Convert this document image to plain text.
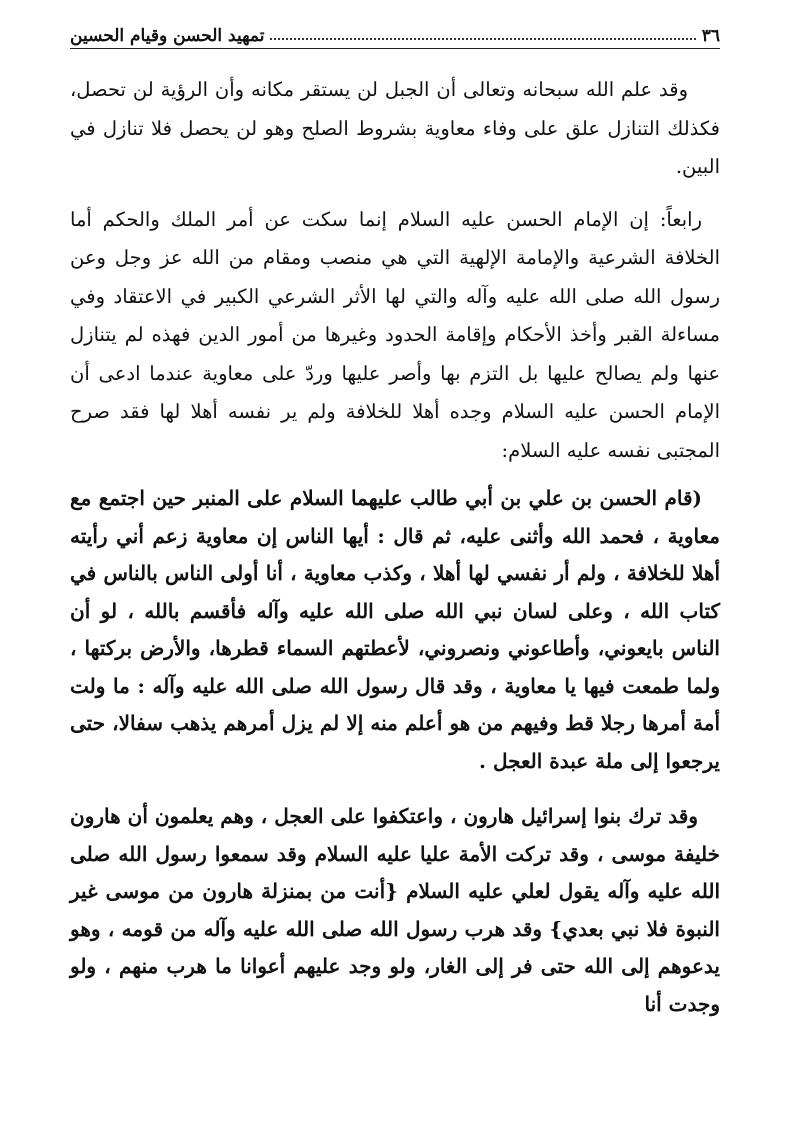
٣٦
تمهيد الحسن وقيام الحسين

وقد علم الله سبحانه وتعالى أن الجبل لن يستقر مكانه وأن الرؤية لن تحصل، فكذلك التنازل علق على وفاء معاوية بشروط الصلح وهو لن يحصل فلا تنازل في البين.

رابعاً: إن الإمام الحسن عليه السلام إنما سكت عن أمر الملك والحكم أما الخلافة الشرعية والإمامة الإلهية التي هي منصب ومقام من الله عز وجل وعن رسول الله صلى الله عليه وآله والتي لها الأثر الشرعي الكبير في الاعتقاد وفي مساءلة القبر وأخذ الأحكام وإقامة الحدود وغيرها من أمور الدين فهذه لم يتنازل عنها ولم يصالح عليها بل التزم بها وأصر عليها وردّ على معاوية عندما ادعى أن الإمام الحسن عليه السلام وجده أهلا للخلافة ولم ير نفسه أهلا لها فقد صرح المجتبى نفسه عليه السلام:

(قام الحسن بن علي بن أبي طالب عليهما السلام على المنبر حين اجتمع مع معاوية ، فحمد الله وأثنى عليه، ثم قال : أيها الناس إن معاوية زعم أني رأيته أهلا للخلافة ، ولم أر نفسي لها أهلا ، وكذب معاوية ، أنا أولى الناس بالناس في كتاب الله ، وعلى لسان نبي الله صلى الله عليه وآله فأقسم بالله ، لو أن الناس بايعوني، وأطاعوني ونصروني، لأعطتهم السماء قطرها، والأرض بركتها ، ولما طمعت فيها يا معاوية ، وقد قال رسول الله صلى الله عليه وآله : ما ولت أمة أمرها رجلا قط وفيهم من هو أعلم منه إلا لم يزل أمرهم يذهب سفالا، حتى يرجعوا إلى ملة عبدة العجل .

وقد ترك بنوا إسرائيل هارون ، واعتكفوا على العجل ، وهم يعلمون أن هارون خليفة موسى ، وقد تركت الأمة عليا عليه السلام وقد سمعوا رسول الله صلى الله عليه وآله يقول لعلي عليه السلام {أنت من بمنزلة هارون من موسى غير النبوة فلا نبي بعدي} وقد هرب رسول الله صلى الله عليه وآله من قومه ، وهو يدعوهم إلى الله حتى فر إلى الغار، ولو وجد عليهم أعوانا ما هرب منهم ، ولو وجدت أنا
